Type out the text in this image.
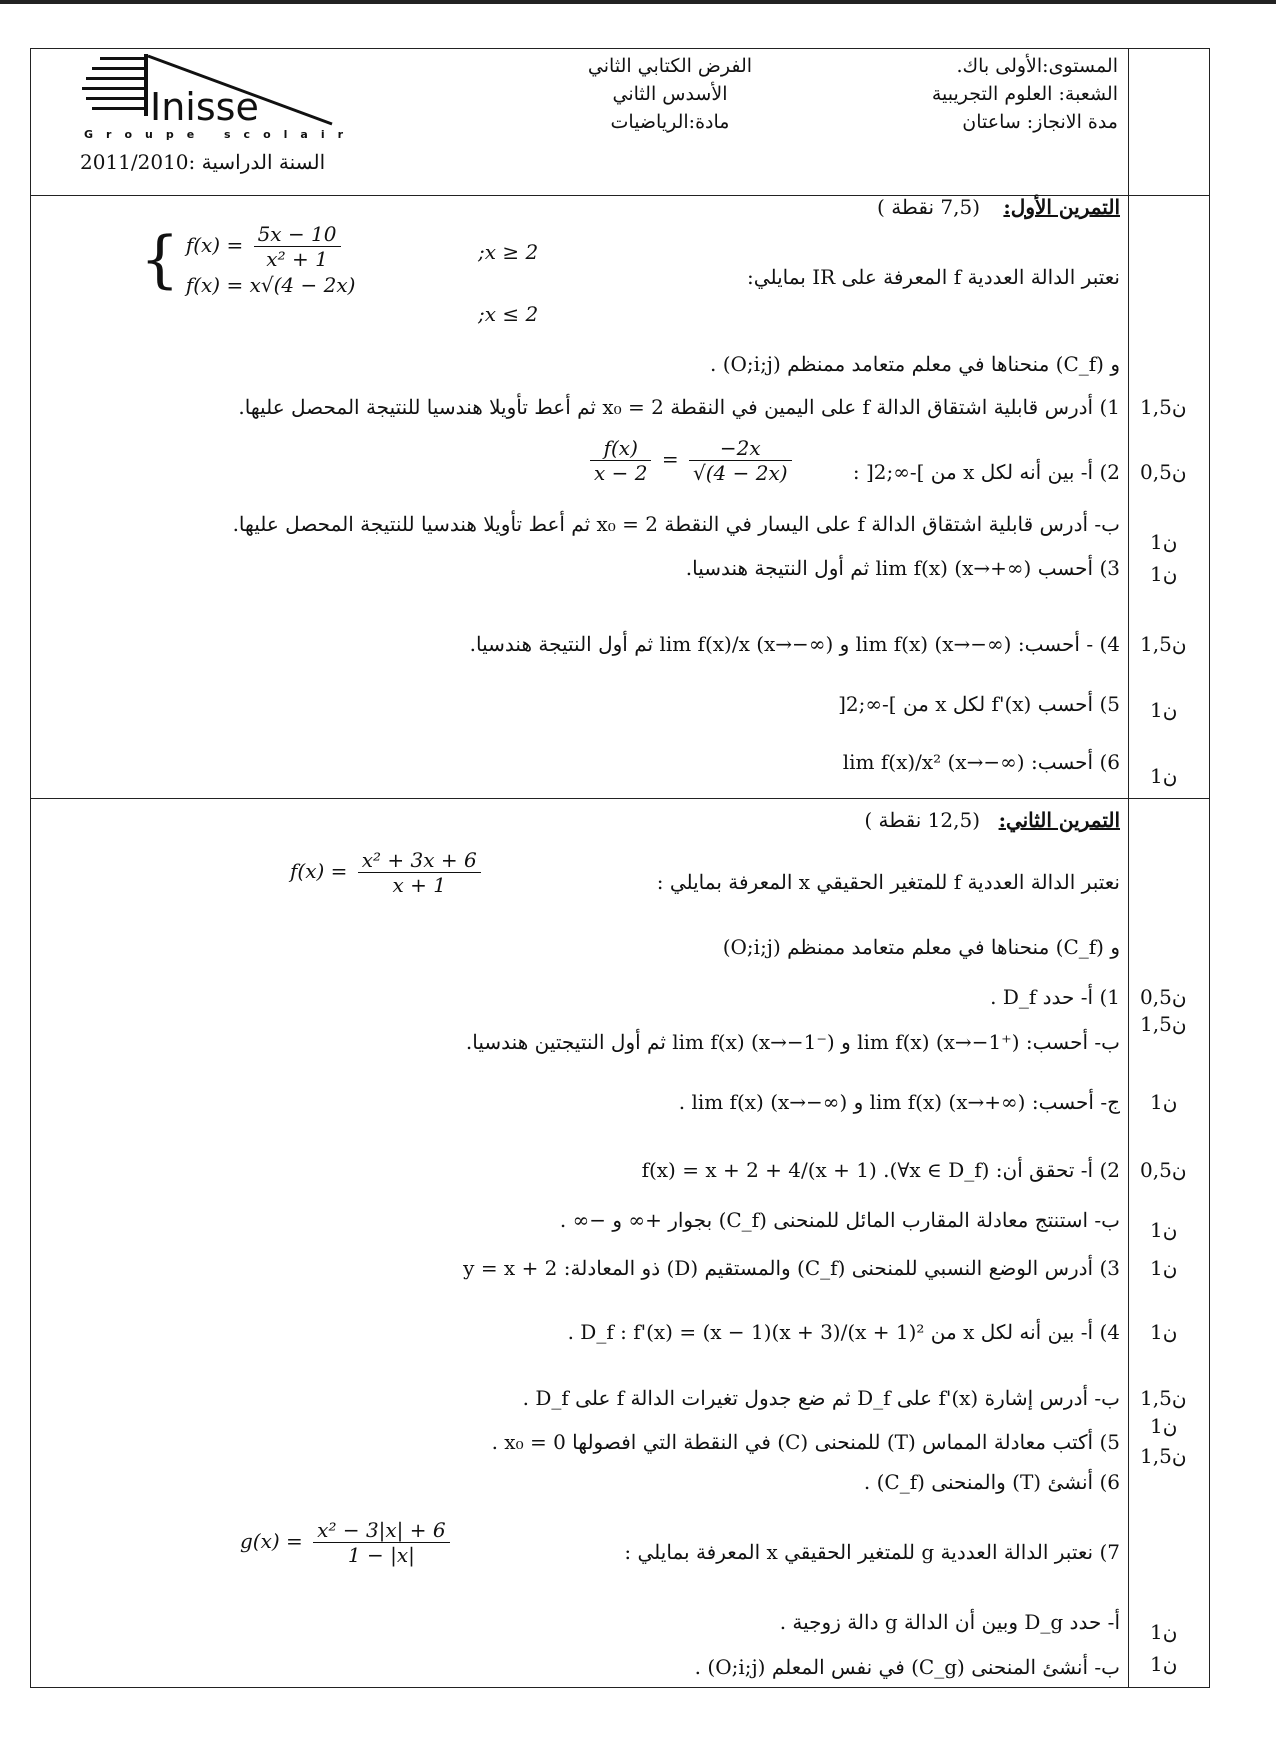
المستوى:الأولى باك.
الشعبة: العلوم التجريبية
مدة الانجاز: ساعتان
الفرض الكتابي الثاني
الأسدس الثاني
مادة:الرياضيات
Inisse
Groupe scolaire
السنة الدراسية :2011/2010
التمرين الأول:
(7,5 نقطة )
نعتبر الدالة العددية f المعرفة على IR بمايلي:
{ $f(x) = \frac{5x - 10}{\text{x² + 1}}$
f(x) = x√(4 − 2x)
;x ≥ 2
;x ≤ 2
و (C_f) منحناها في معلم متعامد ممنظم (O;i;j) .
1) أدرس قابلية اشتقاق الدالة f على اليمين في النقطة x₀ = 2 ثم أعط تأويلا هندسيا للنتيجة المحصل عليها.
2) أ- بين أنه لكل x من ]-∞;2[ :
$\frac{f(x)}{x - 2} = \frac{-2x}{√(4 - 2x)}$
ب- أدرس قابلية اشتقاق الدالة f على اليسار في النقطة x₀ = 2 ثم أعط تأويلا هندسيا للنتيجة المحصل عليها.
3) أحسب lim f(x) (x→+∞) ثم أول النتيجة هندسيا.
4) - أحسب: lim f(x) (x→−∞) و lim f(x)/x (x→−∞) ثم أول النتيجة هندسيا.
5) أحسب f'(x) لكل x من ]-∞;2[
6) أحسب: lim f(x)/x² (x→−∞)
1,5ن
0,5ن
1ن
1ن
1,5ن
1ن
1ن
التمرين الثاني:
(12,5 نقطة )
نعتبر الدالة العددية f للمتغير الحقيقي x المعرفة بمايلي :
$f(x) = \frac{\text{x² + 3x + 6}}{x + 1}$
و (C_f) منحناها في معلم متعامد ممنظم (O;i;j)
1) أ- حدد D_f .
ب- أحسب: lim f(x) (x→−1⁺) و lim f(x) (x→−1⁻) ثم أول النتيجتين هندسيا.
ج- أحسب: lim f(x) (x→+∞) و lim f(x) (x→−∞) .
2) أ- تحقق أن: f(x) = x + 2 + 4/(x + 1) .(∀x ∈ D_f)
ب- استنتج معادلة المقارب المائل للمنحنى (C_f) بجوار +∞ و −∞ .
3) أدرس الوضع النسبي للمنحنى (C_f) والمستقيم (D) ذو المعادلة: y = x + 2
4) أ- بين أنه لكل x من D_f : f'(x) = (x − 1)(x + 3)/(x + 1)² .
ب- أدرس إشارة f'(x) على D_f ثم ضع جدول تغيرات الدالة f على D_f .
5) أكتب معادلة المماس (T) للمنحنى (C) في النقطة التي افصولها x₀ = 0 .
6) أنشئ (T) والمنحنى (C_f) .
7) نعتبر الدالة العددية g للمتغير الحقيقي x المعرفة بمايلي :
$g(x) = \frac{\text{x² − 3|x| + 6}}{1 - |x|}$
أ- حدد D_g وبين أن الدالة g دالة زوجية .
ب- أنشئ المنحنى (C_g) في نفس المعلم (O;i;j) .
0,5ن
1,5ن
1ن
0,5ن
1ن
1ن
1ن
1,5ن
1ن
1,5ن
1ن
1ن
